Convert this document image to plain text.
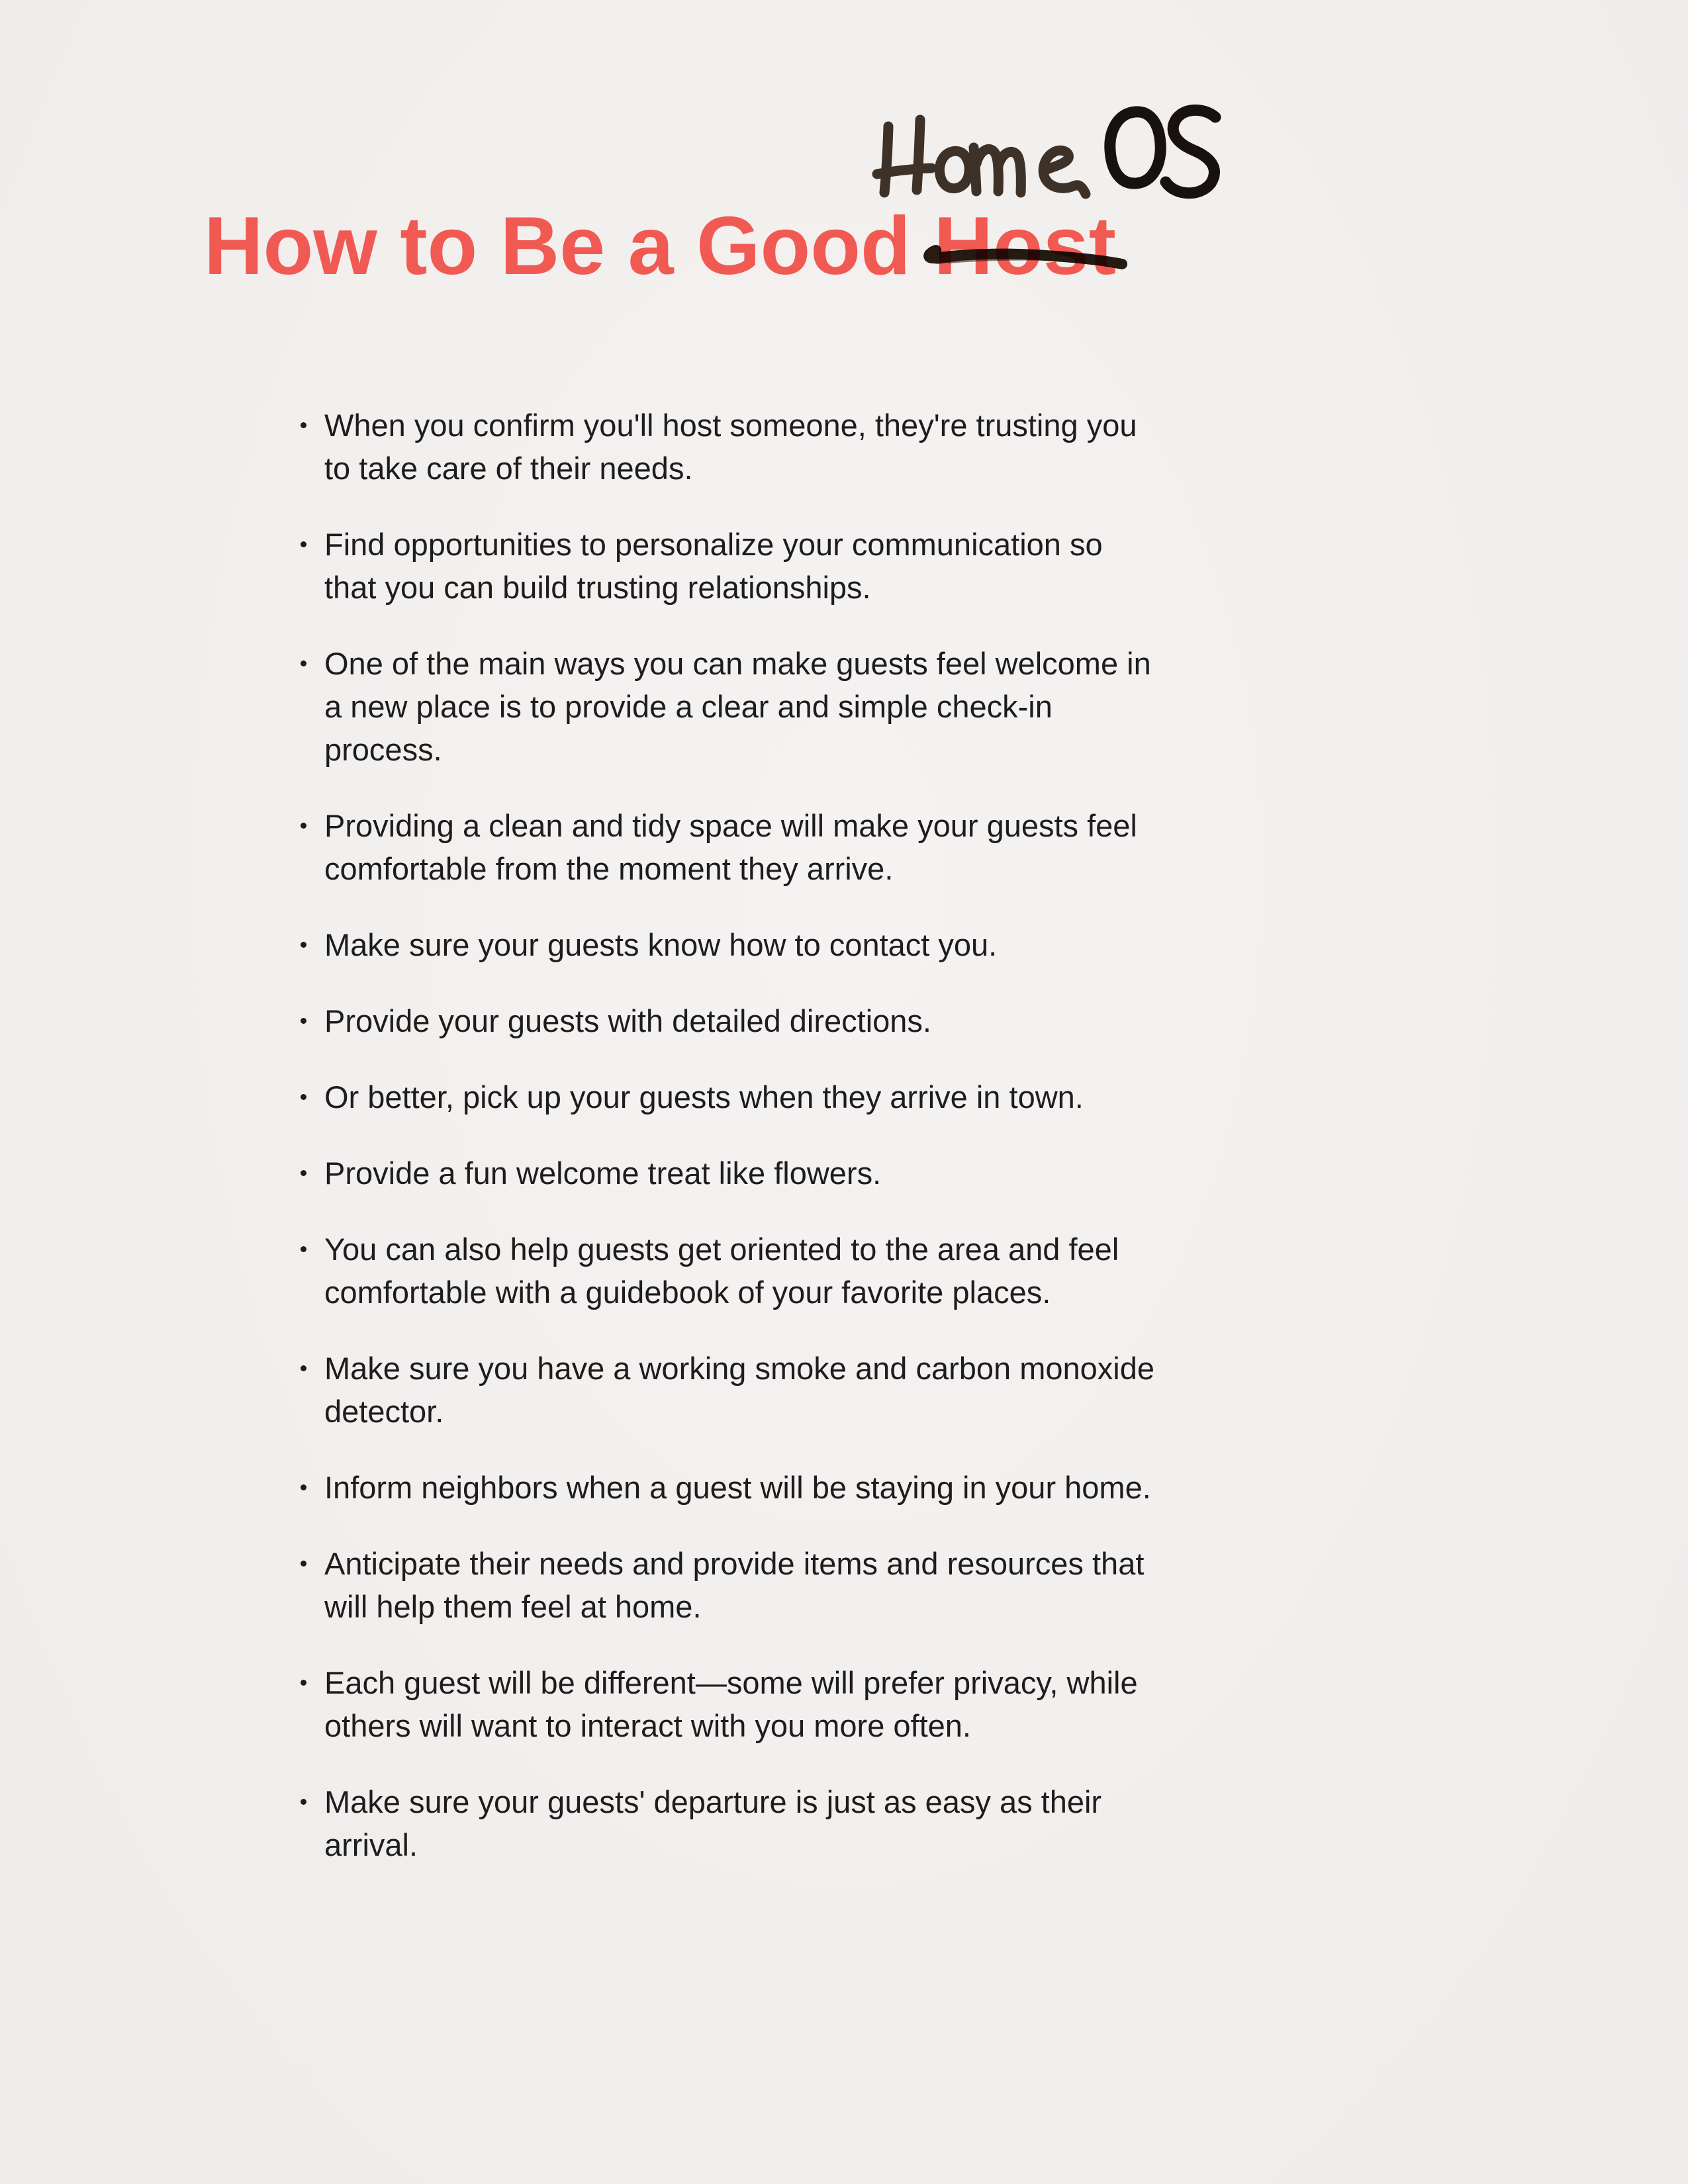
How to Be a Good Host
When you confirm you'll host someone, they're trusting you to take care of their needs.
Find opportunities to personalize your communication so that you can build trusting relationships.
One of the main ways you can make guests feel welcome in a new place is to provide a clear and simple check-in process.
Providing a clean and tidy space will make your guests feel comfortable from the moment they arrive.
Make sure your guests know how to contact you.
Provide your guests with detailed directions.
Or better, pick up your guests when they arrive in town.
Provide a fun welcome treat like flowers.
You can also help guests get oriented to the area and feel comfortable with a guidebook of your favorite places.
Make sure you have a working smoke and carbon monoxide detector.
Inform neighbors when a guest will be staying in your home.
Anticipate their needs and provide items and resources that will help them feel at home.
Each guest will be different—some will prefer privacy, while others will want to interact with you more often.
Make sure your guests' departure is just as easy as their arrival.
